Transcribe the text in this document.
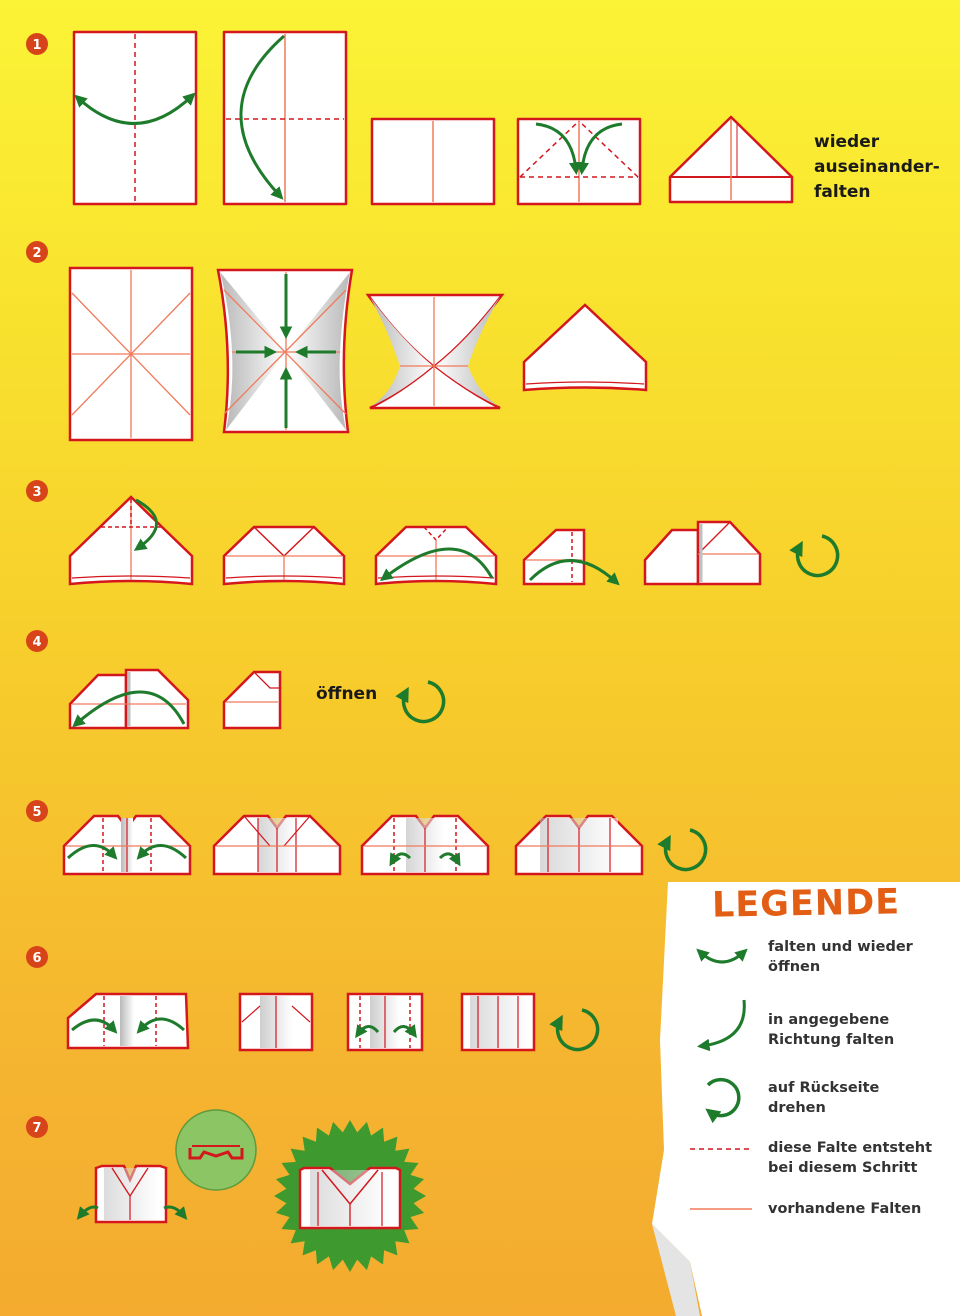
1
2
3
4
5
6
7
wieder
auseinander-
falten
öffnen
LEGENDE
falten und wieder
öffnen
in angegebene
Richtung falten
auf Rückseite
drehen
diese Falte entsteht
bei diesem Schritt
vorhandene Falten
